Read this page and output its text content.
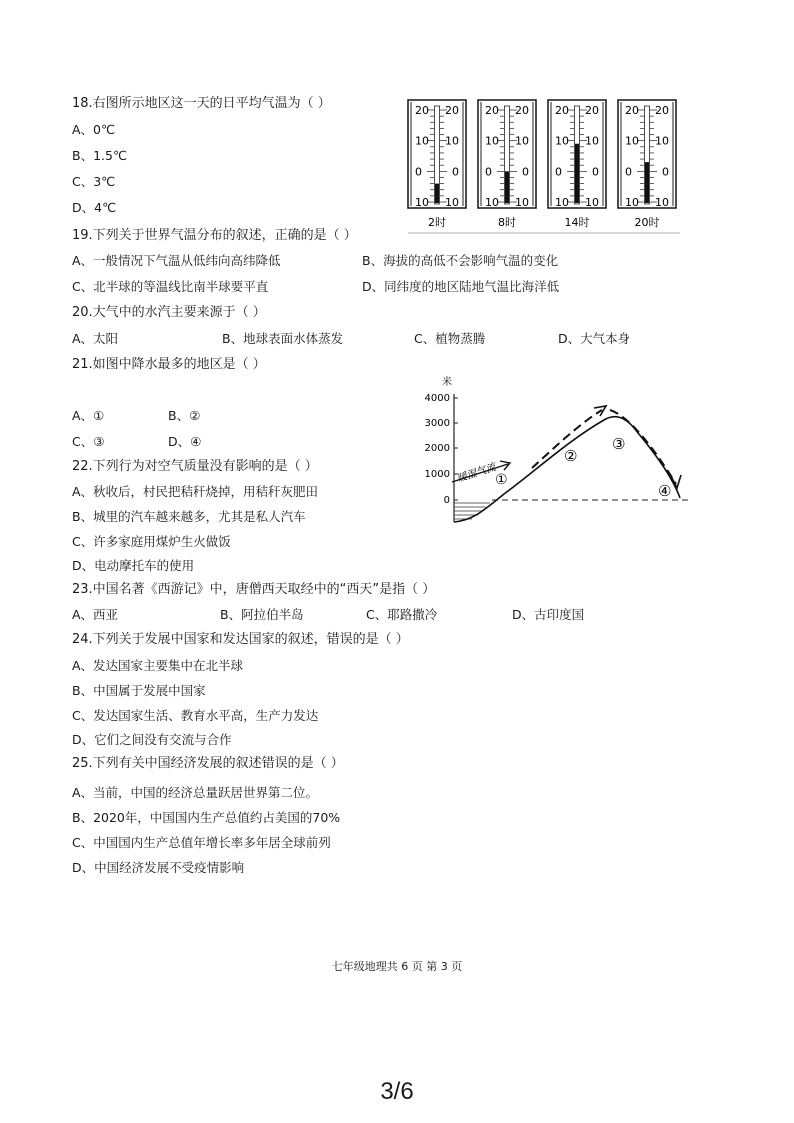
18.右图所示地区这一天的日平均气温为（ ）
A、0℃
B、1.5℃
C、3℃
D、4℃
20 20
10 10
0	0
10 10
2时
20 20
10 10
0	0
10 10
8时
20 20
10 10
0	0
10 10
14时
20 20
10 10
0	0
10 10
20时
19.下列关于世界气温分布的叙述，正确的是（ ）
A、一般情况下气温从低纬向高纬降低	B、海拔的高低不会影响气温的变化
C、北半球的等温线比南半球要平直	D、同纬度的地区陆地气温比海洋低
20.大气中的水汽主要来源于（ ）
A、太阳	B、地球表面水体蒸发	C、植物蒸腾	D、大气本身
21.如图中降水最多的地区是（ ）
A、①	B、②
C、③	D、④
米
4000
3000
2000
1000
0
暖湿气流
①
②
③
④
22.下列行为对空气质量没有影响的是（ ）
A、秋收后，村民把秸秆烧掉，用秸秆灰肥田
B、城里的汽车越来越多，尤其是私人汽车
C、许多家庭用煤炉生火做饭
D、电动摩托车的使用
23.中国名著《西游记》中，唐僧西天取经中的“西天”是指（ ）
A、西亚	B、阿拉伯半岛	C、耶路撒冷	D、古印度国
24.下列关于发展中国家和发达国家的叙述，错误的是（ ）
A、发达国家主要集中在北半球
B、中国属于发展中国家
C、发达国家生活、教育水平高，生产力发达
D、它们之间没有交流与合作
25.下列有关中国经济发展的叙述错误的是（ ）
A、当前，中国的经济总量跃居世界第二位。
B、2020年，中国国内生产总值约占美国的70%
C、中国国内生产总值年增长率多年居全球前列
D、中国经济发展不受疫情影响
七年级地理共 6 页 第 3 页
3/6
